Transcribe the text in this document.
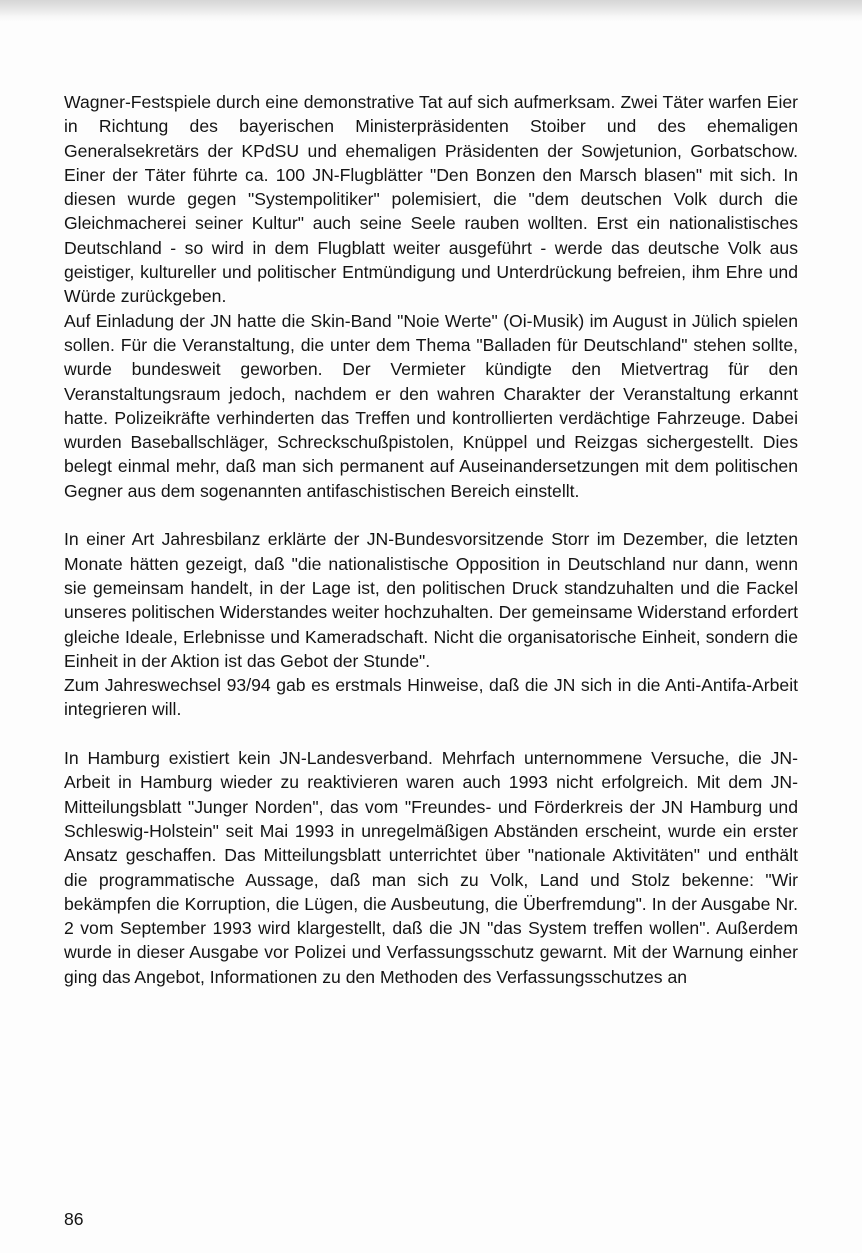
Wagner-Festspiele durch eine demonstrative Tat auf sich aufmerksam. Zwei Täter warfen Eier in Richtung des bayerischen Ministerpräsidenten Stoiber und des ehemaligen Generalsekretärs der KPdSU und ehemaligen Präsidenten der Sowjetunion, Gorbatschow. Einer der Täter führte ca. 100 JN-Flugblätter "Den Bonzen den Marsch blasen" mit sich. In diesen wurde gegen "Systempolitiker" polemisiert, die "dem deutschen Volk durch die Gleichmacherei seiner Kultur" auch seine Seele rauben wollten. Erst ein nationalistisches Deutschland - so wird in dem Flugblatt weiter ausgeführt - werde das deutsche Volk aus geistiger, kultureller und politischer Entmündigung und Unterdrückung befreien, ihm Ehre und Würde zurückgeben.

Auf Einladung der JN hatte die Skin-Band "Noie Werte" (Oi-Musik) im August in Jülich spielen sollen. Für die Veranstaltung, die unter dem Thema "Balladen für Deutschland" stehen sollte, wurde bundesweit geworben. Der Vermieter kündigte den Mietvertrag für den Veranstaltungsraum jedoch, nachdem er den wahren Charakter der Veranstaltung erkannt hatte. Polizeikräfte verhinderten das Treffen und kontrollierten verdächtige Fahrzeuge. Dabei wurden Baseballschläger, Schreckschußpistolen, Knüppel und Reizgas sichergestellt. Dies belegt einmal mehr, daß man sich permanent auf Auseinandersetzungen mit dem politischen Gegner aus dem sogenannten antifaschistischen Bereich einstellt.

In einer Art Jahresbilanz erklärte der JN-Bundesvorsitzende Storr im Dezember, die letzten Monate hätten gezeigt, daß "die nationalistische Opposition in Deutschland nur dann, wenn sie gemeinsam handelt, in der Lage ist, den politischen Druck standzuhalten und die Fackel unseres politischen Widerstandes weiter hochzuhalten. Der gemeinsame Widerstand erfordert gleiche Ideale, Erlebnisse und Kameradschaft. Nicht die organisatorische Einheit, sondern die Einheit in der Aktion ist das Gebot der Stunde".

Zum Jahreswechsel 93/94 gab es erstmals Hinweise, daß die JN sich in die Anti-Antifa-Arbeit integrieren will.

In Hamburg existiert kein JN-Landesverband. Mehrfach unternommene Versuche, die JN-Arbeit in Hamburg wieder zu reaktivieren waren auch 1993 nicht erfolgreich. Mit dem JN-Mitteilungsblatt "Junger Norden", das vom "Freundes- und Förderkreis der JN Hamburg und Schleswig-Holstein" seit Mai 1993 in unregelmäßigen Abständen erscheint, wurde ein erster Ansatz geschaffen. Das Mitteilungsblatt unterrichtet über "nationale Aktivitäten" und enthält die programmatische Aussage, daß man sich zu Volk, Land und Stolz bekenne: "Wir bekämpfen die Korruption, die Lügen, die Ausbeutung, die Überfremdung". In der Ausgabe Nr. 2 vom September 1993 wird klargestellt, daß die JN "das System treffen wollen". Außerdem wurde in dieser Ausgabe vor Polizei und Verfassungsschutz gewarnt. Mit der Warnung einher ging das Angebot, Informationen zu den Methoden des Verfassungsschutzes an

86
